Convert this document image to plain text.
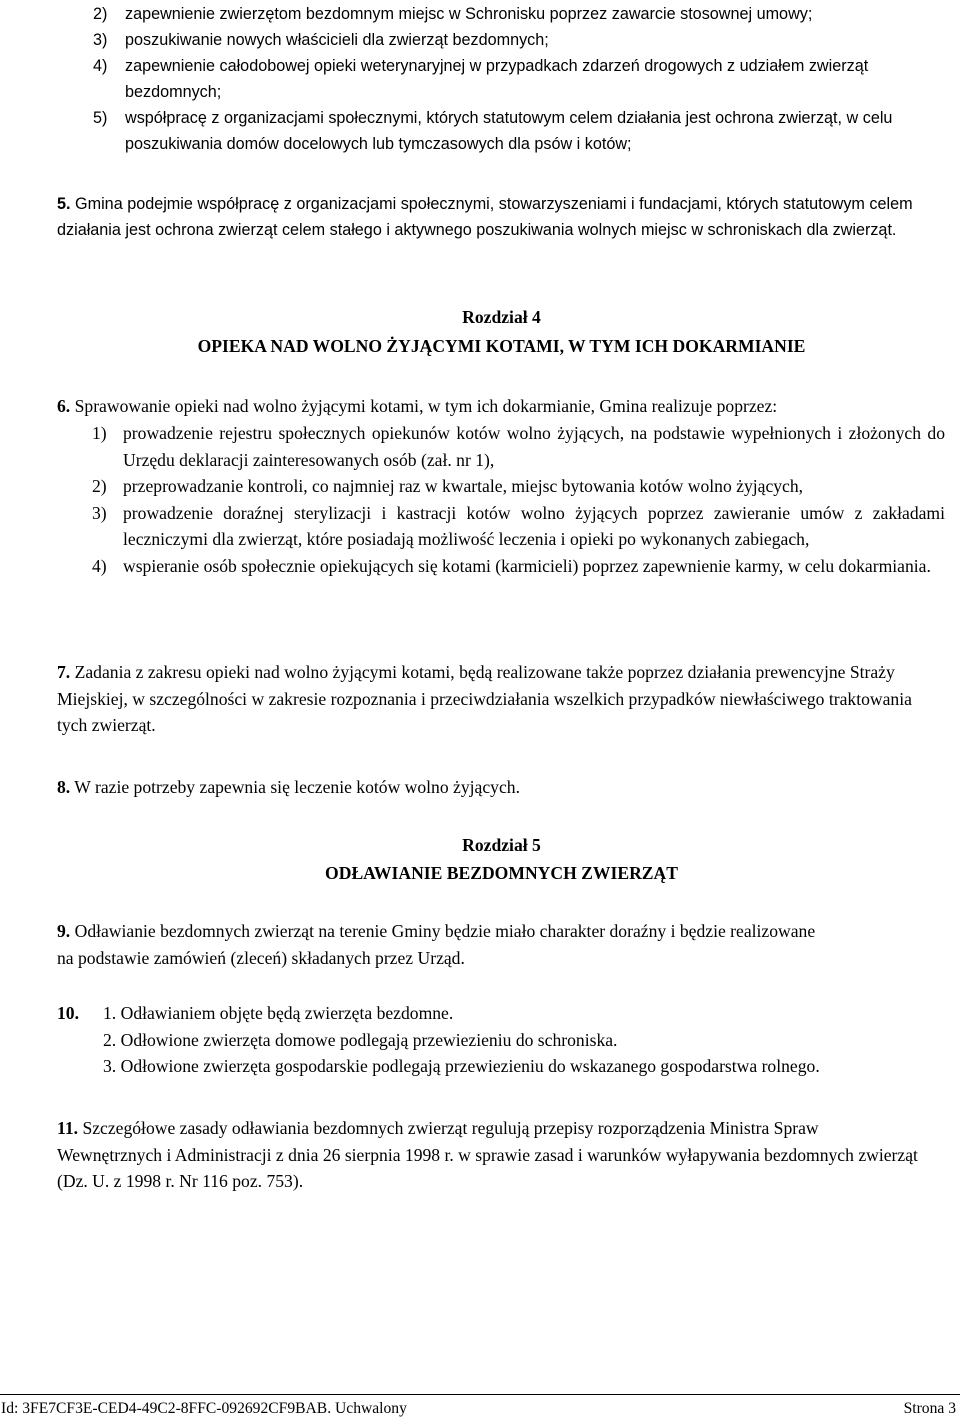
2)	zapewnienie zwierzętom bezdomnym miejsc w Schronisku poprzez zawarcie stosownej umowy;
3)	poszukiwanie nowych właścicieli dla zwierząt bezdomnych;
4)	zapewnienie całodobowej opieki weterynaryjnej w przypadkach zdarzeń drogowych z udziałem zwierząt bezdomnych;
5)	współpracę z organizacjami społecznymi, których statutowym celem działania jest ochrona zwierząt, w celu poszukiwania domów docelowych lub tymczasowych dla psów i kotów;

5. Gmina podejmie współpracę z organizacjami społecznymi, stowarzyszeniami i fundacjami, których statutowym celem działania jest ochrona zwierząt celem stałego i aktywnego poszukiwania wolnych miejsc w schroniskach dla zwierząt.

Rozdział 4

OPIEKA NAD WOLNO ŻYJĄCYMI KOTAMI, W TYM ICH DOKARMIANIE

6. Sprawowanie opieki nad wolno żyjącymi kotami, w tym ich dokarmianie, Gmina realizuje poprzez:

1) prowadzenie rejestru społecznych opiekunów kotów wolno żyjących, na podstawie wypełnionych i złożonych do Urzędu deklaracji zainteresowanych osób (zał. nr 1),
2) przeprowadzanie kontroli, co najmniej raz w kwartale, miejsc bytowania kotów wolno żyjących,
3) prowadzenie doraźnej sterylizacji i kastracji kotów wolno żyjących poprzez zawieranie umów z zakładami leczniczymi dla zwierząt, które posiadają możliwość leczenia i opieki po wykonanych zabiegach,
4) wspieranie osób społecznie opiekujących się kotami (karmicieli) poprzez zapewnienie karmy, w celu dokarmiania.

7. Zadania z zakresu opieki nad wolno żyjącymi kotami, będą realizowane także poprzez działania prewencyjne Straży Miejskiej, w szczególności w zakresie rozpoznania i przeciwdziałania wszelkich przypadków niewłaściwego traktowania tych zwierząt.

8. W razie potrzeby zapewnia się leczenie kotów wolno żyjących.

Rozdział 5

ODŁAWIANIE BEZDOMNYCH ZWIERZĄT

9. Odławianie bezdomnych zwierząt na terenie Gminy będzie miało charakter doraźny i będzie realizowane na podstawie zamówień (zleceń) składanych przez Urząd.

10. 1. Odławianiem objęte będą zwierzęta bezdomne.
2. Odłowione zwierzęta domowe podlegają przewiezieniu do schroniska.
3. Odłowione zwierzęta gospodarskie podlegają przewiezieniu do wskazanego gospodarstwa rolnego.

11. Szczegółowe zasady odławiania bezdomnych zwierząt regulują przepisy rozporządzenia Ministra Spraw Wewnętrznych i Administracji z dnia 26 sierpnia 1998 r. w sprawie zasad i warunków wyłapywania bezdomnych zwierząt (Dz. U. z 1998 r. Nr 116 poz. 753).

Id: 3FE7CF3E-CED4-49C2-8FFC-092692CF9BAB. Uchwalony	Strona 3
